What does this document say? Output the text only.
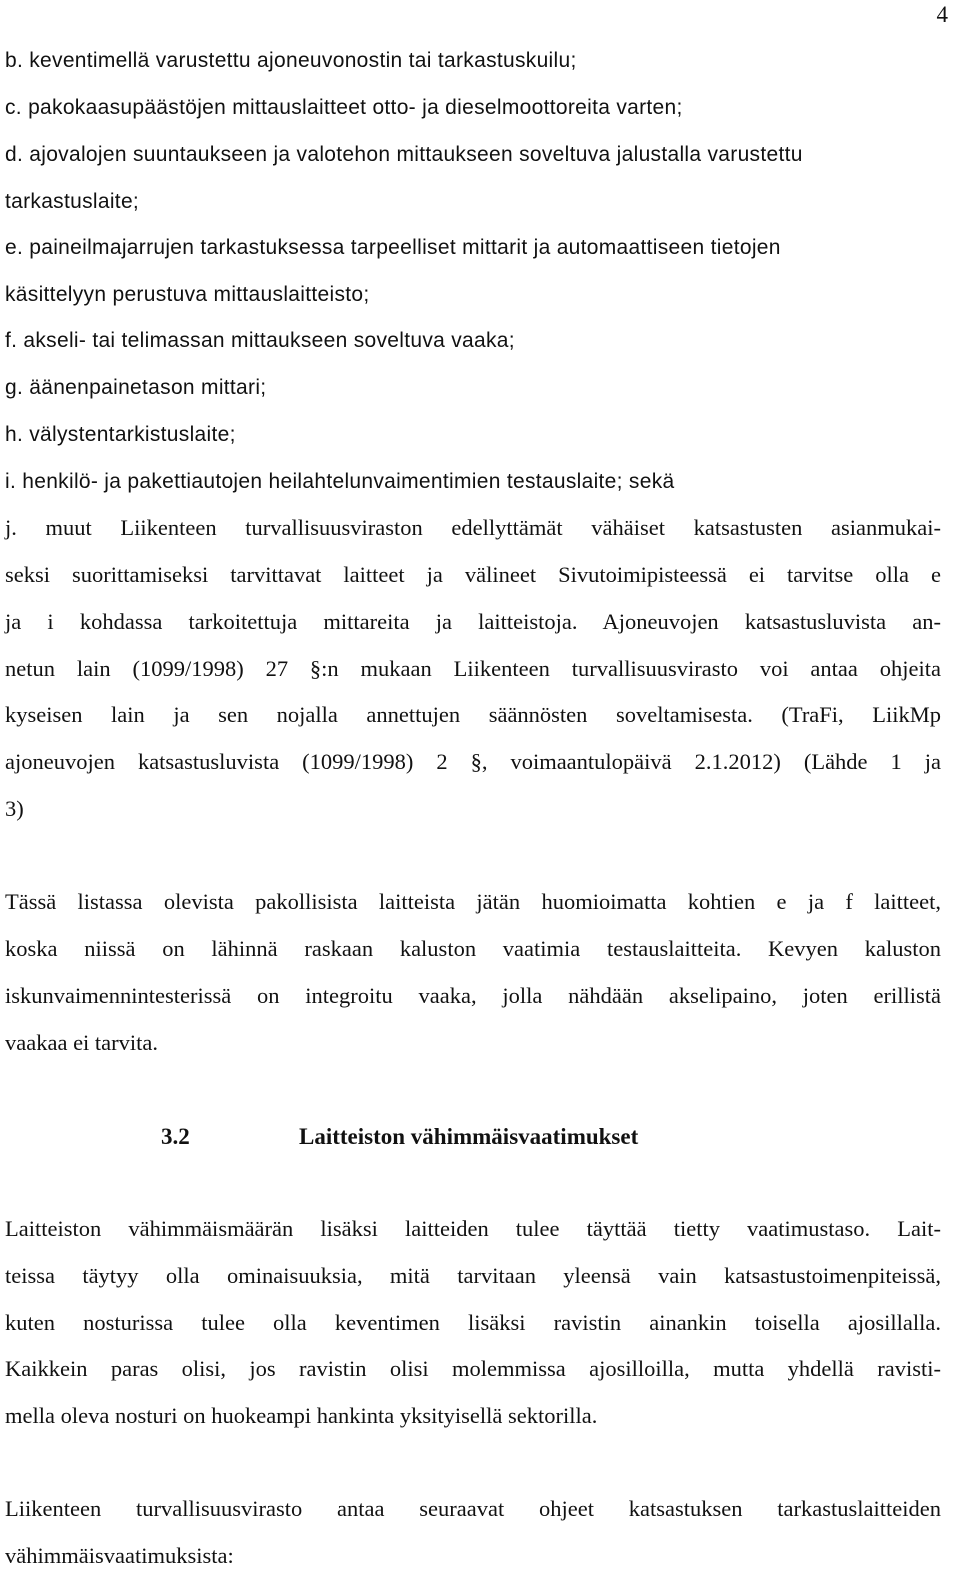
4
b. keventimellä varustettu ajoneuvonostin tai tarkastuskuilu;
c. pakokaasupäästöjen mittauslaitteet otto- ja dieselmoottoreita varten;
d. ajovalojen suuntaukseen ja valotehon mittaukseen soveltuva jalustalla varustettu
tarkastuslaite;
e. paineilmajarrujen tarkastuksessa tarpeelliset mittarit ja automaattiseen tietojen
käsittelyyn perustuva mittauslaitteisto;
f. akseli- tai telimassan mittaukseen soveltuva vaaka;
g. äänenpainetason mittari;
h. välystentarkistuslaite;
i. henkilö- ja pakettiautojen heilahtelunvaimentimien testauslaite; sekä
j. muut Liikenteen turvallisuusviraston edellyttämät vähäiset katsastusten asianmukai-
seksi suorittamiseksi tarvittavat laitteet ja välineet Sivutoimipisteessä ei tarvitse olla e
ja i kohdassa tarkoitettuja mittareita ja laitteistoja. Ajoneuvojen katsastusluvista an-
netun lain (1099/1998) 27 §:n mukaan Liikenteen turvallisuusvirasto voi antaa ohjeita
kyseisen lain ja sen nojalla annettujen säännösten soveltamisesta. (TraFi, LiikMp
ajoneuvojen katsastusluvista (1099/1998) 2 §, voimaantulopäivä 2.1.2012) (Lähde 1 ja
3)
Tässä listassa olevista pakollisista laitteista jätän huomioimatta kohtien e ja f laitteet,
koska niissä on lähinnä raskaan kaluston vaatimia testauslaitteita. Kevyen kaluston
iskunvaimennintesterissä on integroitu vaaka, jolla nähdään akselipaino, joten erillistä
vaakaa ei tarvita.
3.2	Laitteiston vähimmäisvaatimukset
Laitteiston vähimmäismäärän lisäksi laitteiden tulee täyttää tietty vaatimustaso. Lait-
teissa täytyy olla ominaisuuksia, mitä tarvitaan yleensä vain katsastustoimenpiteissä,
kuten nosturissa tulee olla keventimen lisäksi ravistin ainankin toisella ajosillalla.
Kaikkein paras olisi, jos ravistin olisi molemmissa ajosilloilla, mutta yhdellä ravisti-
mella oleva nosturi on huokeampi hankinta yksityisellä sektorilla.
Liikenteen turvallisuusvirasto antaa seuraavat ohjeet katsastuksen tarkastuslaitteiden
vähimmäisvaatimuksista:
